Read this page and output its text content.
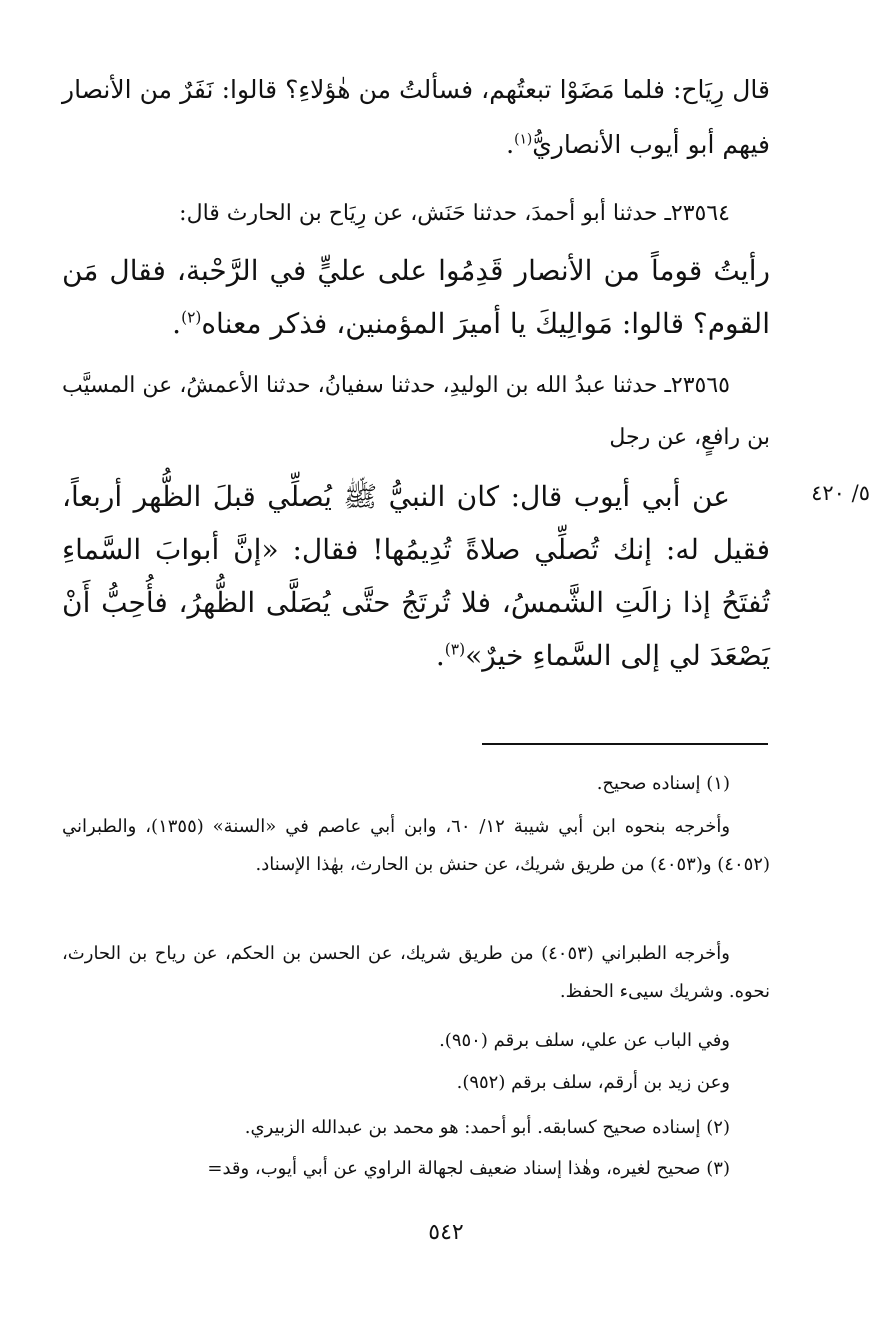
قال رِيَاح: فلما مَضَوْا تبعتُهم، فسألتُ من هٰؤلاءِ؟ قالوا: نَفَرٌ من الأنصار فيهم أبو أيوب الأنصاريُّ$^{(١)}$.

٢٣٥٦٤ـ حدثنا أبو أحمدَ، حدثنا حَنَش، عن رِيَاح بن الحارث قال:

رأيتُ قوماً من الأنصار قَدِمُوا على عليٍّ في الرَّحْبة، فقال مَن القوم؟ قالوا: مَوالِيكَ يا أميرَ المؤمنين، فذكر معناه$^{(٢)}$.

٢٣٥٦٥ـ حدثنا عبدُ الله بن الوليدِ، حدثنا سفيانُ، حدثنا الأعمشُ، عن المسيَّب بن رافعٍ، عن رجل

٥/ ٤٢٠

عن أبي أيوب قال: كان النبيُّ ﷺ يُصلِّي قبلَ الظُّهر أربعاً، فقيل له: إنك تُصلِّي صلاةً تُدِيمُها! فقال: «إنَّ أبوابَ السَّماءِ تُفتَحُ إذا زالَتِ الشَّمسُ، فلا تُرتَجُ حتَّى يُصَلَّى الظُّهرُ، فأُحِبُّ أَنْ يَصْعَدَ لي إلى السَّماءِ خيرٌ»$^{(٣)}$.

(١) إسناده صحيح.

وأخرجه بنحوه ابن أبي شيبة ١٢/ ٦٠، وابن أبي عاصم في «السنة» (١٣٥٥)، والطبراني (٤٠٥٢) و(٤٠٥٣) من طريق شريك، عن حنش بن الحارث، بهٰذا الإسناد.

وأخرجه الطبراني (٤٠٥٣) من طريق شريك، عن الحسن بن الحكم، عن رياح بن الحارث، نحوه. وشريك سيىء الحفظ.

وفي الباب عن علي، سلف برقم (٩٥٠).

وعن زيد بن أرقم، سلف برقم (٩٥٢).

(٢) إسناده صحيح كسابقه. أبو أحمد: هو محمد بن عبدالله الزبيري.

(٣) صحيح لغيره، وهٰذا إسناد ضعيف لجهالة الراوي عن أبي أيوب، وقد=

٥٤٢
